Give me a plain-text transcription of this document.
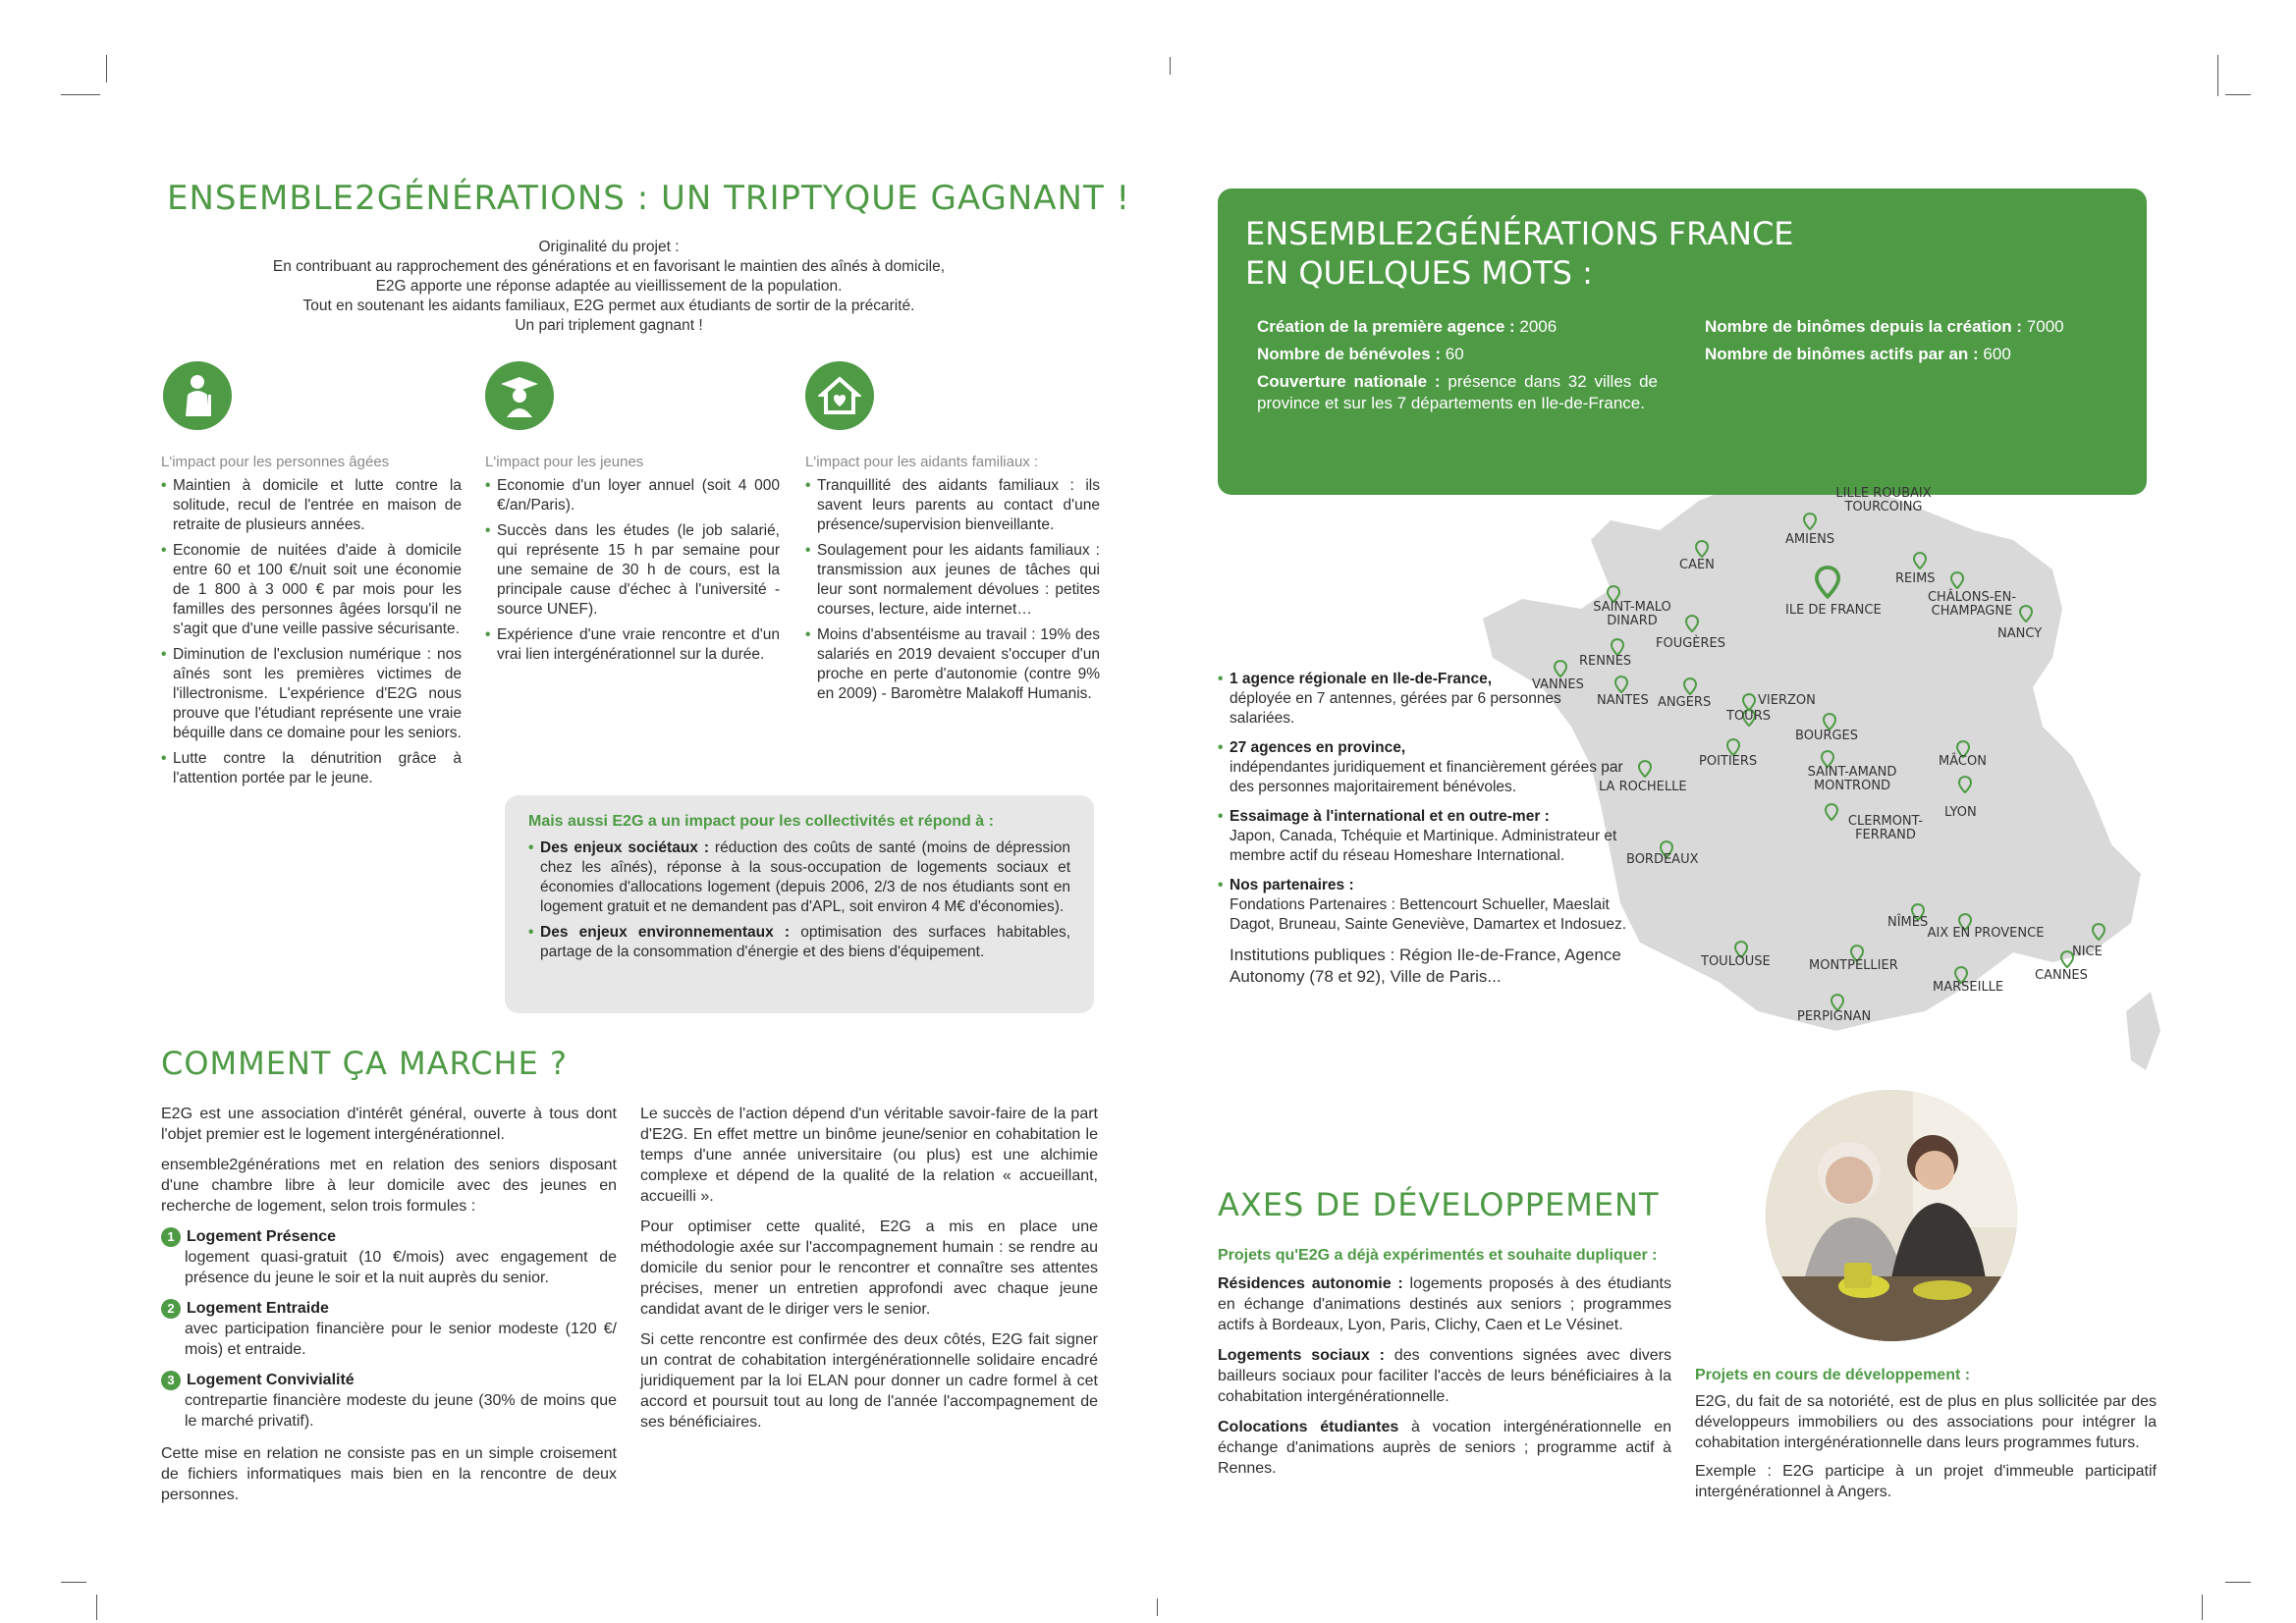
ENSEMBLE2GÉNÉRATIONS : UN TRIPTYQUE GAGNANT !

Originalité du projet :

En contribuant au rapprochement des générations et en favorisant le maintien des aînés à domicile,

E2G apporte une réponse adaptée au vieillissement de la population.

Tout en soutenant les aidants familiaux, E2G permet aux étudiants de sortir de la précarité.

Un pari triplement gagnant !

L'impact pour les personnes âgées
• Maintien à domicile et lutte contre la solitude, recul de l'entrée en maison de retraite de plusieurs années.
• Economie de nuitées d'aide à domicile entre 60 et 100 €/nuit soit une économie de 1 800 à 3 000 € par mois pour les familles des personnes âgées lorsqu'il ne s'agit que d'une veille passive sécurisante.
• Diminution de l'exclusion numérique : nos aînés sont les premières victimes de l'illectronisme. L'expérience d'E2G nous prouve que l'étudiant représente une vraie béquille dans ce domaine pour les seniors.
• Lutte contre la dénutrition grâce à l'attention portée par le jeune.
L'impact pour les jeunes
• Economie d'un loyer annuel (soit 4 000 €/an/Paris).
• Succès dans les études (le job salarié, qui représente 15 h par semaine pour une semaine de 30 h de cours, est la principale cause d'échec à l'université - source UNEF).
• Expérience d'une vraie rencontre et d'un vrai lien intergénérationnel sur la durée.
L'impact pour les aidants familiaux :
• Tranquillité des aidants familiaux : ils savent leurs parents au contact d'une présence/supervision bienveillante.
• Soulagement pour les aidants familiaux : transmission aux jeunes de tâches qui leur sont normalement dévolues : petites courses, lecture, aide internet…
• Moins d'absentéisme au travail : 19% des salariés en 2019 devaient s'occuper d'un proche en perte d'autonomie (contre 9% en 2009) - Baromètre Malakoff Humanis.
Mais aussi E2G a un impact pour les collectivités et répond à :
• Des enjeux sociétaux : réduction des coûts de santé (moins de dépression chez les aînés), réponse à la sous-occupation de logements sociaux et économies d'allocations logement (depuis 2006, 2/3 de nos étudiants sont en logement gratuit et ne demandent pas d'APL, soit environ 4 M€ d'économies).
• Des enjeux environnementaux : optimisation des surfaces habitables, partage de la consommation d'énergie et des biens d'équipement.
COMMENT ÇA MARCHE ?

E2G est une association d'intérêt général, ouverte à tous dont l'objet premier est le logement intergénérationnel.

ensemble2générations met en relation des seniors disposant d'une chambre libre à leur domicile avec des jeunes en recherche de logement, selon trois formules :

1 Logement Présence

logement quasi-gratuit (10 €/mois) avec engagement de présence du jeune le soir et la nuit auprès du senior.

2 Logement Entraide

avec participation financière pour le senior modeste (120 €/ mois) et entraide.

3 Logement Convivialité

contrepartie financière modeste du jeune (30% de moins que le marché privatif).

Cette mise en relation ne consiste pas en un simple croisement de fichiers informatiques mais bien en la rencontre de deux personnes.

Le succès de l'action dépend d'un véritable savoir-faire de la part d'E2G. En effet mettre un binôme jeune/senior en cohabitation le temps d'une année universitaire (ou plus) est une alchimie complexe et dépend de la qualité de la relation « accueillant, accueilli ».

Pour optimiser cette qualité, E2G a mis en place une méthodologie axée sur l'accompagnement humain : se rendre au domicile du senior pour le rencontrer et connaître ses attentes précises, mener un entretien approfondi avec chaque jeune candidat avant de le diriger vers le senior.

Si cette rencontre est confirmée des deux côtés, E2G fait signer un contrat de cohabitation intergénérationnelle solidaire encadré juridiquement par la loi ELAN pour donner un cadre formel à cet accord et poursuit tout au long de l'année l'accompagnement de ses bénéficiaires.

ENSEMBLE2GÉNÉRATIONS FRANCE
EN QUELQUES MOTS :
• Création de la première agence : 2006
• Nombre de bénévoles : 60
• Couverture nationale : présence dans 32 villes de province et sur les 7 départements en Ile-de-France.
• Nombre de binômes depuis la création : 7000
• Nombre de binômes actifs par an : 600
• 1 agence régionale en Ile-de-France,
déployée en 7 antennes, gérées par 6 personnes salariées.
• 27 agences en province,
indépendantes juridiquement et financièrement gérées par des personnes majoritairement bénévoles.
• Essaimage à l'international et en outre-mer :
Japon, Canada, Tchéquie et Martinique. Administrateur et membre actif du réseau Homeshare International.
• Nos partenaires :
Fondations Partenaires : Bettencourt Schueller, Maeslait Dagot, Bruneau, Sainte Geneviève, Damartex et Indosuez.

Institutions publiques : Région Ile-de-France, Agence Autonomy (78 et 92), Ville de Paris...

LILLE ROUBAIX TOURCOING
AMIENS
CAEN
REIMS
CHÂLONS-EN-CHAMPAGNE
SAINT-MALO DINARD
ILE DE FRANCE
NANCY
FOUGÈRES
RENNES
VANNES
NANTES ANGERS	VIERZON
TOURS
BOURGES
POITIERS	MÂCON
SAINT-AMAND MONTROND
LA ROCHELLE
LYON
CLERMONT-FERRAND
BORDEAUX
NÎMES
AIX EN PROVENCE
NICE
TOULOUSE	MONTPELLIER
CANNES
MARSEILLE
PERPIGNAN
AXES DE DÉVELOPPEMENT

Projets qu'E2G a déjà expérimentés et souhaite dupliquer :

Résidences autonomie : logements proposés à des étudiants en échange d'animations destinés aux seniors ; programmes actifs à Bordeaux, Lyon, Paris, Clichy, Caen et Le Vésinet.

Logements sociaux : des conventions signées avec divers bailleurs sociaux pour faciliter l'accès de leurs bénéficiaires à la cohabitation intergénérationnelle.

Colocations étudiantes à vocation intergénérationnelle en échange d'animations auprès de seniors ; programme actif à Rennes.

Projets en cours de développement :

E2G, du fait de sa notoriété, est de plus en plus sollicitée par des développeurs immobiliers ou des associations pour intégrer la cohabitation intergénérationnelle dans leurs programmes futurs.

Exemple : E2G participe à un projet d'immeuble participatif intergénérationnel à Angers.
